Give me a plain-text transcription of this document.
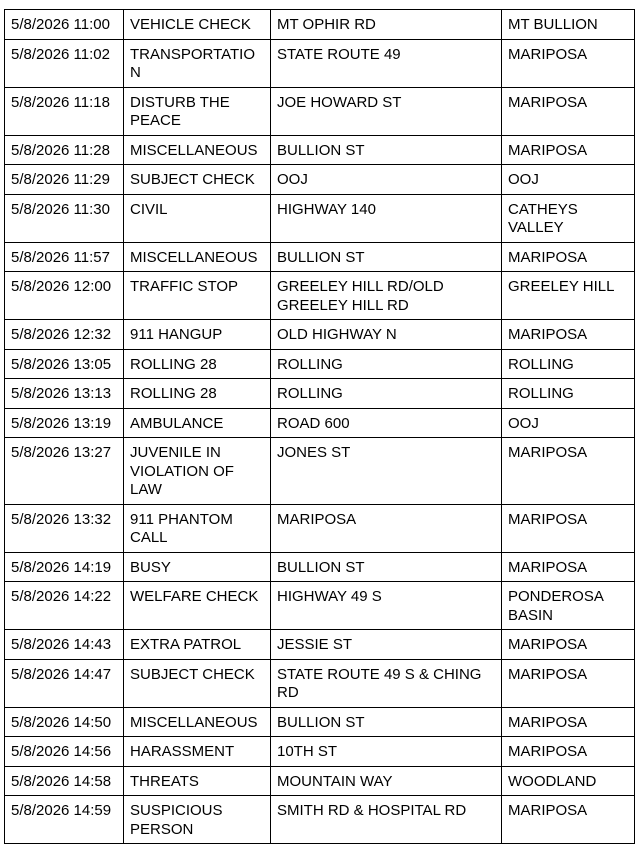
5/8/2026 11:00	VEHICLE CHECK	MT OPHIR RD	MT BULLION
5/8/2026 11:02	TRANSPORTATION	STATE ROUTE 49	MARIPOSA
5/8/2026 11:18	DISTURB THE PEACE	JOE HOWARD ST	MARIPOSA
5/8/2026 11:28	MISCELLANEOUS	BULLION ST	MARIPOSA
5/8/2026 11:29	SUBJECT CHECK	OOJ	OOJ
5/8/2026 11:30	CIVIL	HIGHWAY 140	CATHEYS VALLEY
5/8/2026 11:57	MISCELLANEOUS	BULLION ST	MARIPOSA
5/8/2026 12:00	TRAFFIC STOP	GREELEY HILL RD/OLD GREELEY HILL RD	GREELEY HILL
5/8/2026 12:32	911 HANGUP	OLD HIGHWAY N	MARIPOSA
5/8/2026 13:05	ROLLING 28	ROLLING	ROLLING
5/8/2026 13:13	ROLLING 28	ROLLING	ROLLING
5/8/2026 13:19	AMBULANCE	ROAD 600	OOJ
5/8/2026 13:27	JUVENILE IN VIOLATION OF LAW	JONES ST	MARIPOSA
5/8/2026 13:32	911 PHANTOM CALL	MARIPOSA	MARIPOSA
5/8/2026 14:19	BUSY	BULLION ST	MARIPOSA
5/8/2026 14:22	WELFARE CHECK	HIGHWAY 49 S	PONDEROSA BASIN
5/8/2026 14:43	EXTRA PATROL	JESSIE ST	MARIPOSA
5/8/2026 14:47	SUBJECT CHECK	STATE ROUTE 49 S & CHING RD	MARIPOSA
5/8/2026 14:50	MISCELLANEOUS	BULLION ST	MARIPOSA
5/8/2026 14:56	HARASSMENT	10TH ST	MARIPOSA
5/8/2026 14:58	THREATS	MOUNTAIN WAY	WOODLAND
5/8/2026 14:59	SUSPICIOUS PERSON	SMITH RD & HOSPITAL RD	MARIPOSA
